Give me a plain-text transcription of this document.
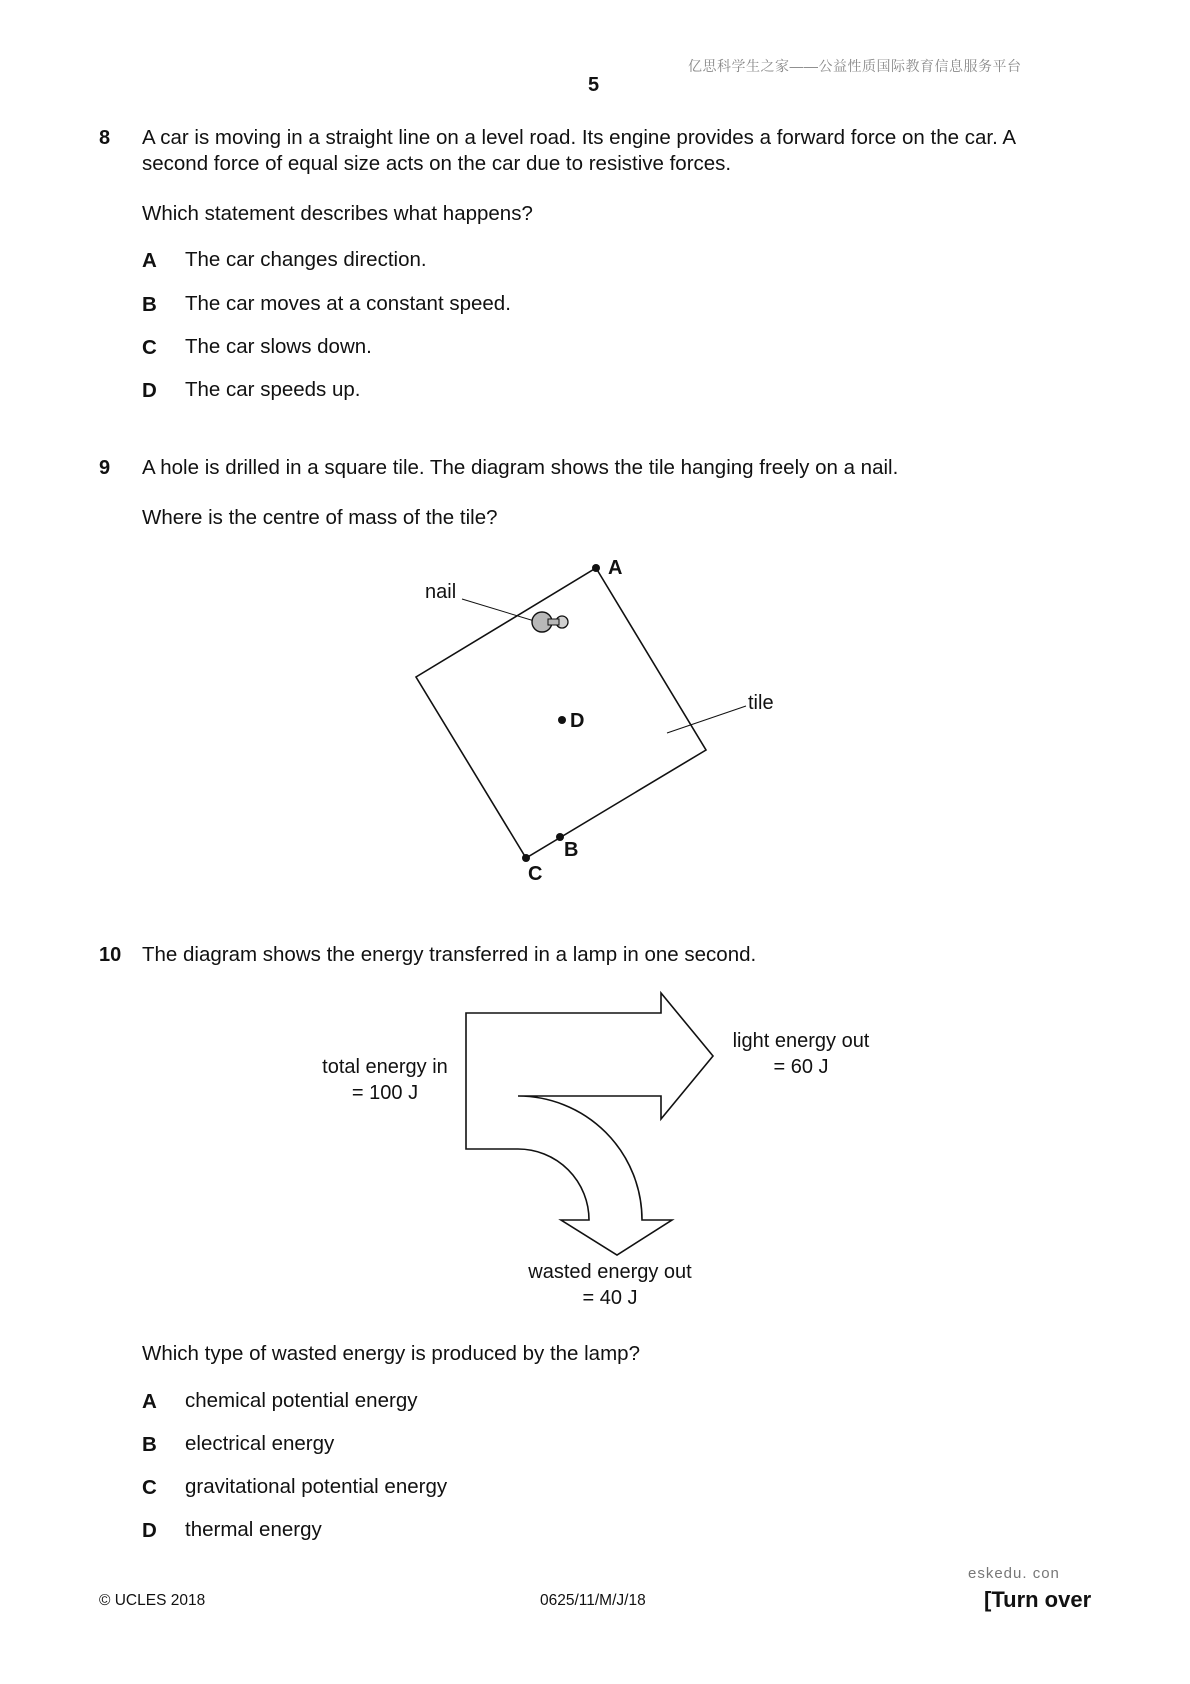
亿思科学生之家——公益性质国际教育信息服务平台
5
8 A car is moving in a straight line on a level road. Its engine provides a forward force on the car. A
second force of equal size acts on the car due to resistive forces.
Which statement describes what happens?
A The car changes direction.
B The car moves at a constant speed.
C The car slows down.
D The car speeds up.
9 A hole is drilled in a square tile. The diagram shows the tile hanging freely on a nail.
Where is the centre of mass of the tile?
nail
tile
A
B
C
D
10 The diagram shows the energy transferred in a lamp in one second.
total energy in
= 100 J
light energy out
= 60 J
wasted energy out
= 40 J
Which type of wasted energy is produced by the lamp?
A chemical potential energy
B electrical energy
C gravitational potential energy
D thermal energy
© UCLES 2018	0625/11/M/J/18
eskedu. con
[Turn over
